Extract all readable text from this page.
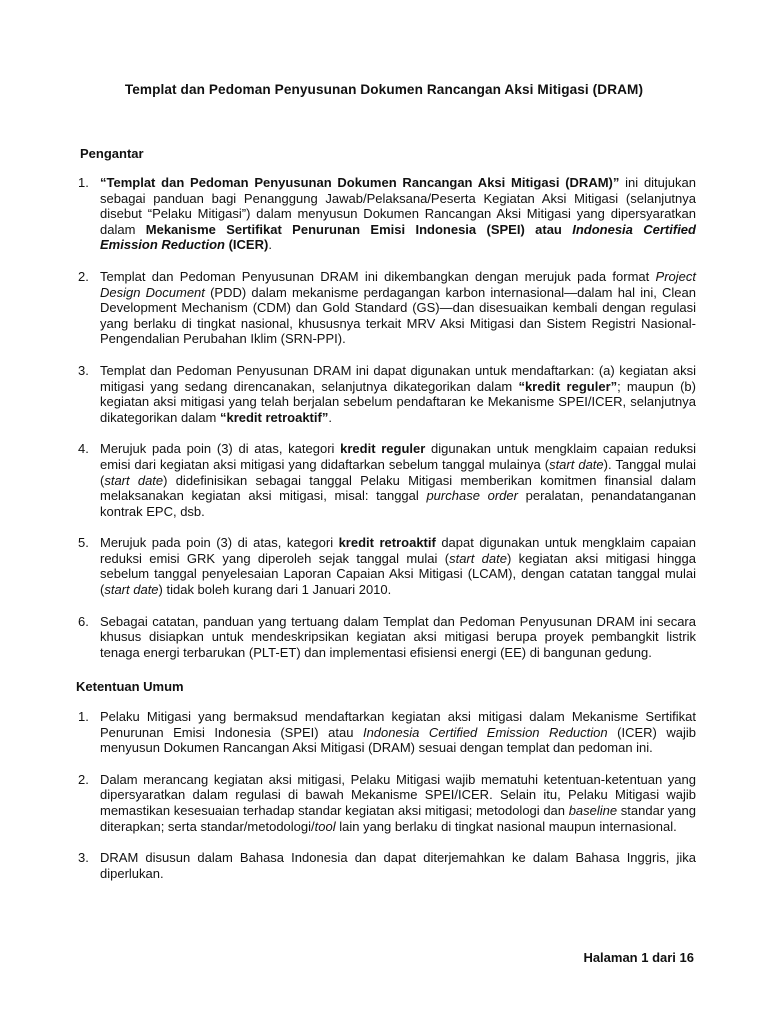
Templat dan Pedoman Penyusunan Dokumen Rancangan Aksi Mitigasi (DRAM)
Pengantar
1. “Templat dan Pedoman Penyusunan Dokumen Rancangan Aksi Mitigasi (DRAM)” ini ditujukan sebagai panduan bagi Penanggung Jawab/Pelaksana/Peserta Kegiatan Aksi Mitigasi (selanjutnya disebut “Pelaku Mitigasi”) dalam menyusun Dokumen Rancangan Aksi Mitigasi yang dipersyaratkan dalam Mekanisme Sertifikat Penurunan Emisi Indonesia (SPEI) atau Indonesia Certified Emission Reduction (ICER).
2. Templat dan Pedoman Penyusunan DRAM ini dikembangkan dengan merujuk pada format Project Design Document (PDD) dalam mekanisme perdagangan karbon internasional—dalam hal ini, Clean Development Mechanism (CDM) dan Gold Standard (GS)—dan disesuaikan kembali dengan regulasi yang berlaku di tingkat nasional, khususnya terkait MRV Aksi Mitigasi dan Sistem Registri Nasional-Pengendalian Perubahan Iklim (SRN-PPI).
3. Templat dan Pedoman Penyusunan DRAM ini dapat digunakan untuk mendaftarkan: (a) kegiatan aksi mitigasi yang sedang direncanakan, selanjutnya dikategorikan dalam “kredit reguler”; maupun (b) kegiatan aksi mitigasi yang telah berjalan sebelum pendaftaran ke Mekanisme SPEI/ICER, selanjutnya dikategorikan dalam “kredit retroaktif”.
4. Merujuk pada poin (3) di atas, kategori kredit reguler digunakan untuk mengklaim capaian reduksi emisi dari kegiatan aksi mitigasi yang didaftarkan sebelum tanggal mulainya (start date). Tanggal mulai (start date) didefinisikan sebagai tanggal Pelaku Mitigasi memberikan komitmen finansial dalam melaksanakan kegiatan aksi mitigasi, misal: tanggal purchase order peralatan, penandatanganan kontrak EPC, dsb.
5. Merujuk pada poin (3) di atas, kategori kredit retroaktif dapat digunakan untuk mengklaim capaian reduksi emisi GRK yang diperoleh sejak tanggal mulai (start date) kegiatan aksi mitigasi hingga sebelum tanggal penyelesaian Laporan Capaian Aksi Mitigasi (LCAM), dengan catatan tanggal mulai (start date) tidak boleh kurang dari 1 Januari 2010.
6. Sebagai catatan, panduan yang tertuang dalam Templat dan Pedoman Penyusunan DRAM ini secara khusus disiapkan untuk mendeskripsikan kegiatan aksi mitigasi berupa proyek pembangkit listrik tenaga energi terbarukan (PLT-ET) dan implementasi efisiensi energi (EE) di bangunan gedung.
Ketentuan Umum
1. Pelaku Mitigasi yang bermaksud mendaftarkan kegiatan aksi mitigasi dalam Mekanisme Sertifikat Penurunan Emisi Indonesia (SPEI) atau Indonesia Certified Emission Reduction (ICER) wajib menyusun Dokumen Rancangan Aksi Mitigasi (DRAM) sesuai dengan templat dan pedoman ini.
2. Dalam merancang kegiatan aksi mitigasi, Pelaku Mitigasi wajib mematuhi ketentuan-ketentuan yang dipersyaratkan dalam regulasi di bawah Mekanisme SPEI/ICER. Selain itu, Pelaku Mitigasi wajib memastikan kesesuaian terhadap standar kegiatan aksi mitigasi; metodologi dan baseline standar yang diterapkan; serta standar/metodologi/tool lain yang berlaku di tingkat nasional maupun internasional.
3. DRAM disusun dalam Bahasa Indonesia dan dapat diterjemahkan ke dalam Bahasa Inggris, jika diperlukan.
Halaman 1 dari 16
